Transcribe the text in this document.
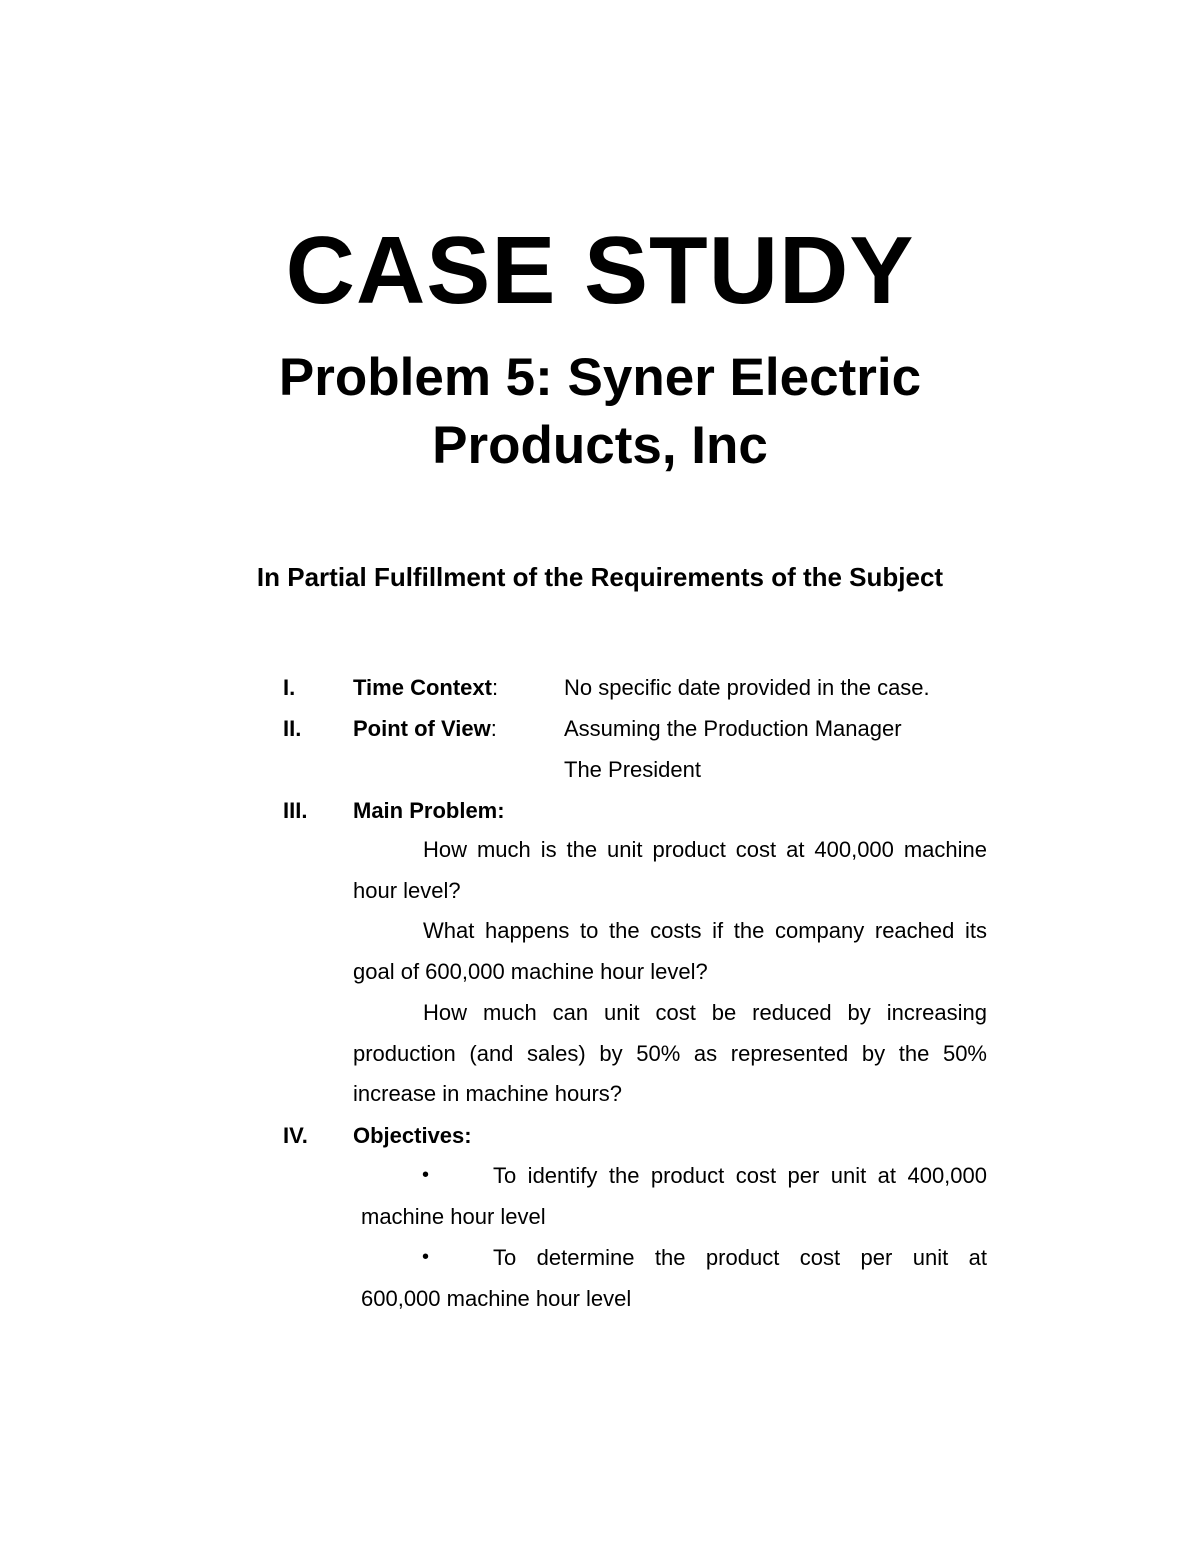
CASE STUDY
Problem 5: Syner Electric
Products, Inc
In Partial Fulfillment of the Requirements of the Subject
I.	Time Context:	No specific date provided in the case.
II. Point of View:	Assuming the Production Manager
The President
III. Main Problem:
How much is the unit product cost at 400,000 machine hour level?
What happens to the costs if the company reached its goal of 600,000 machine hour level?
How much can unit cost be reduced by increasing production (and sales) by 50% as represented by the 50% increase in machine hours?
IV. Objectives:
•	To identify the product cost per unit at 400,000
machine hour level
•	To determine the product cost per unit at
600,000 machine hour level
